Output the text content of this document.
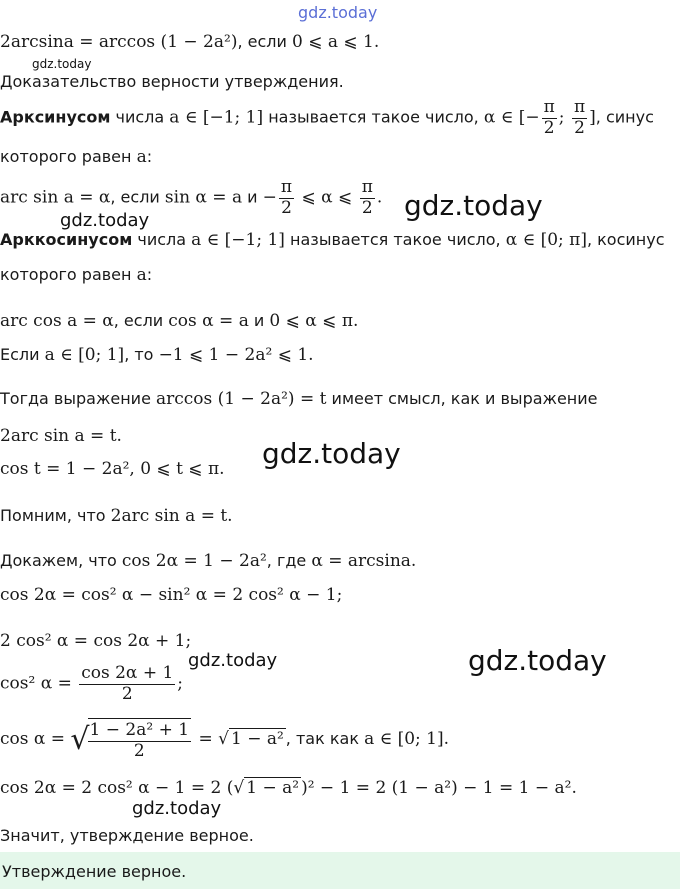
gdz.today
gdz.today
gdz.today
gdz.today
gdz.today
gdz.today	gdz.today
gdz.today
2arcsina = arccos (1 − 2a²), если 0 ⩽ a ⩽ 1.
Доказательство верности утверждения.
Арксинусом числа a ∈ [−1; 1] называется такое число, α ∈ [− $\frac{\pi}{2}$ ; $\frac{\pi}{2}$ ], синус
которого равен a:
arc sin a = α, если sin α = a $и - \frac{\pi}{2}$ ⩽ α ⩽ $\frac{\pi}{2}$ .
Арккосинусом числа a ∈ [−1; 1] называется такое число, α ∈ [0; π], косинус
которого равен a:
arc cos a = α, если cos α = a и 0 ⩽ α ⩽ π.
Если a ∈ [0; 1], то −1 ⩽ 1 − 2a² ⩽ 1.
Тогда выражение arccos (1 − 2a²) = t имеет смысл, как и выражение
2arc sin a = t.
cos t = 1 − 2a², 0 ⩽ t ⩽ π.
Помним, что 2arc sin a = t.
Докажем, что cos 2α = 1 − 2a², где α = arcsina.
cos 2α = cos² α − sin² α = 2 cos² α − 1;
2 cos² α = cos 2α + 1;
cos² $\alpha = \frac{\cos 2\alpha + 1}{2}$ ;
cos α = √
$\frac{\text{1 − 2a² + 1}}{2}$ = √ 1 − a² , так как a ∈ [0; 1].
cos 2α = 2 cos² α − 1 = 2 (√ 1 − a² )² − 1 = 2 (1 − a²) − 1 = 1 − a².
Значит, утверждение верное.
Утверждение верное.
